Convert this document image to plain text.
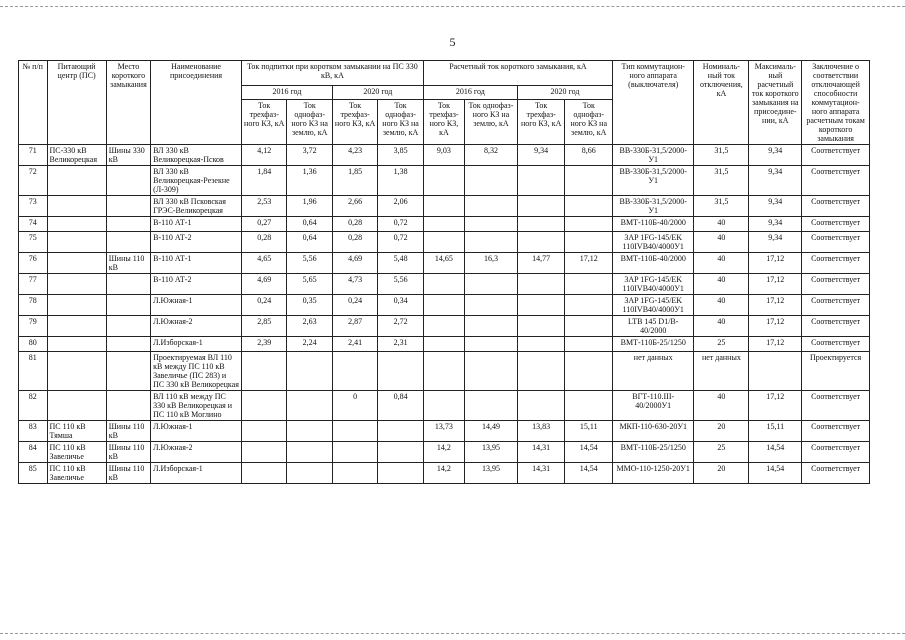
5
№ п/п	Питающий центр (ПС)	Место короткого замыкания	Наименование присоединения	Ток подпитки при коротком замыкании на ПС 330 кВ, кА				Расчетный ток короткого замыкания, кА				Тип коммутацион-ного аппарата (выключателя)	Номиналь-ный ток отключения, кА	Максималь-ный расчетный ток короткого замыкания на присоедине-нии, кА	Заключение о соответствии отключающей способности коммутацион-ного аппарата расчетным токам короткого замыкания
				2016 год		2020 год		2016 год		2020 год					
				Ток трехфаз-ного КЗ, кА	Ток однофаз-ного КЗ на землю, кА	Ток трехфаз-ного КЗ, кА	Ток однофаз-ного КЗ на землю, кА	Ток трехфаз-ного КЗ, кА	Ток однофаз-ного КЗ на землю, кА	Ток трехфаз-ного КЗ, кА	Ток однофаз-ного КЗ на землю, кА				
71	ПС-330 кВ Великорецкая	Шины 330 кВ	ВЛ 330 кВ Великорецкая-Псков	4,12	3,72	4,23	3,85	9,03	8,32	9,34	8,66	ВВ-330Б-31,5/2000-У1	31,5	9,34	Соответствует
72			ВЛ 330 кВ Великорецкая-Резекне (Л-309)	1,84	1,36	1,85	1,38					ВВ-330Б-31,5/2000-У1	31,5	9,34	Соответствует
73			ВЛ 330 кВ Псковская ГРЭС-Великорецкая	2,53	1,96	2,66	2,06					ВВ-330Б-31,5/2000-У1	31,5	9,34	Соответствует
74			В-110 АТ-1	0,27	0,64	0,28	0,72					ВМТ-110Б-40/2000	40	9,34	Соответствует
75			В-110 АТ-2	0,28	0,64	0,28	0,72					3AP 1FG-145/EK 110IVB40/4000У1	40	9,34	Соответствует
76		Шины 110 кВ	В-110 АТ-1	4,65	5,56	4,69	5,48	14,65	16,3	14,77	17,12	ВМТ-110Б-40/2000	40	17,12	Соответствует
77			В-110 АТ-2	4,69	5,65	4,73	5,56					3AP 1FG-145/EK 110IVB40/4000У1	40	17,12	Соответствует
78			Л.Южная-1	0,24	0,35	0,24	0,34					3AP 1FG-145/EK 110IVB40/4000У1	40	17,12	Соответствует
79			Л.Южная-2	2,85	2,63	2,87	2,72					LTB 145 D1/B-40/2000	40	17,12	Соответствует
80			Л.Изборская-1	2,39	2,24	2,41	2,31					ВМТ-110Б-25/1250	25	17,12	Соответствует
81			Проектируемая ВЛ 110 кВ между ПС 110 кВ Завеличье (ПС 283) и ПС 330 кВ Великорецкая									нет данных	нет данных		Проектируется
82			ВЛ 110 кВ между ПС 330 кВ Великорецкая и ПС 110 кВ Моглино			0	0,84					ВГТ-110.III-40/2000У1	40	17,12	Соответствует
83	ПС 110 кВ Тямша	Шины 110 кВ	Л.Южная-1					13,73	14,49	13,83	15,11	МКП-110-630-20У1	20	15,11	Соответствует
84	ПС 110 кВ Завеличье	Шины 110 кВ	Л.Южная-2					14,2	13,95	14,31	14,54	ВМТ-110Б-25/1250	25	14,54	Соответствует
85	ПС 110 кВ Завеличье	Шины 110 кВ	Л.Изборская-1					14,2	13,95	14,31	14,54	ММО-110-1250-20У1	20	14,54	Соответствует
